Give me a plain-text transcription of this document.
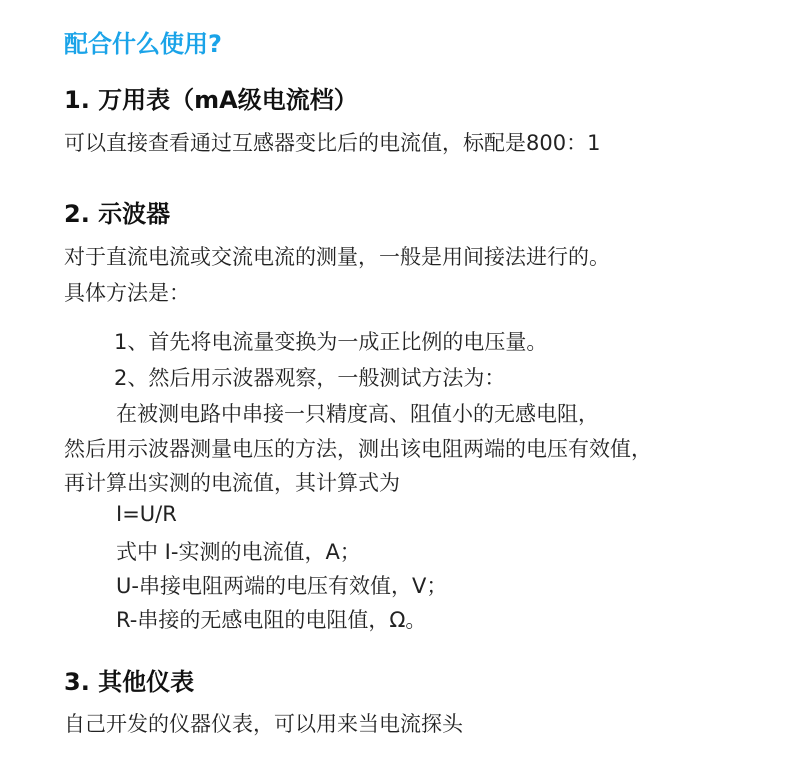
配合什么使用?
1. 万用表（mA级电流档）
可以直接查看通过互感器变比后的电流值，标配是800：1
2. 示波器
对于直流电流或交流电流的测量，一般是用间接法进行的。
具体方法是：
1、首先将电流量变换为一成正比例的电压量。
2、然后用示波器观察，一般测试方法为：
在被测电路中串接一只精度高、阻值小的无感电阻，
然后用示波器测量电压的方法，测出该电阻两端的电压有效值，
再计算出实测的电流值，其计算式为
I=U/R
式中 I-实测的电流值，A；
U-串接电阻两端的电压有效值，V；
R-串接的无感电阻的电阻值，Ω。
3. 其他仪表
自己开发的仪器仪表，可以用来当电流探头
